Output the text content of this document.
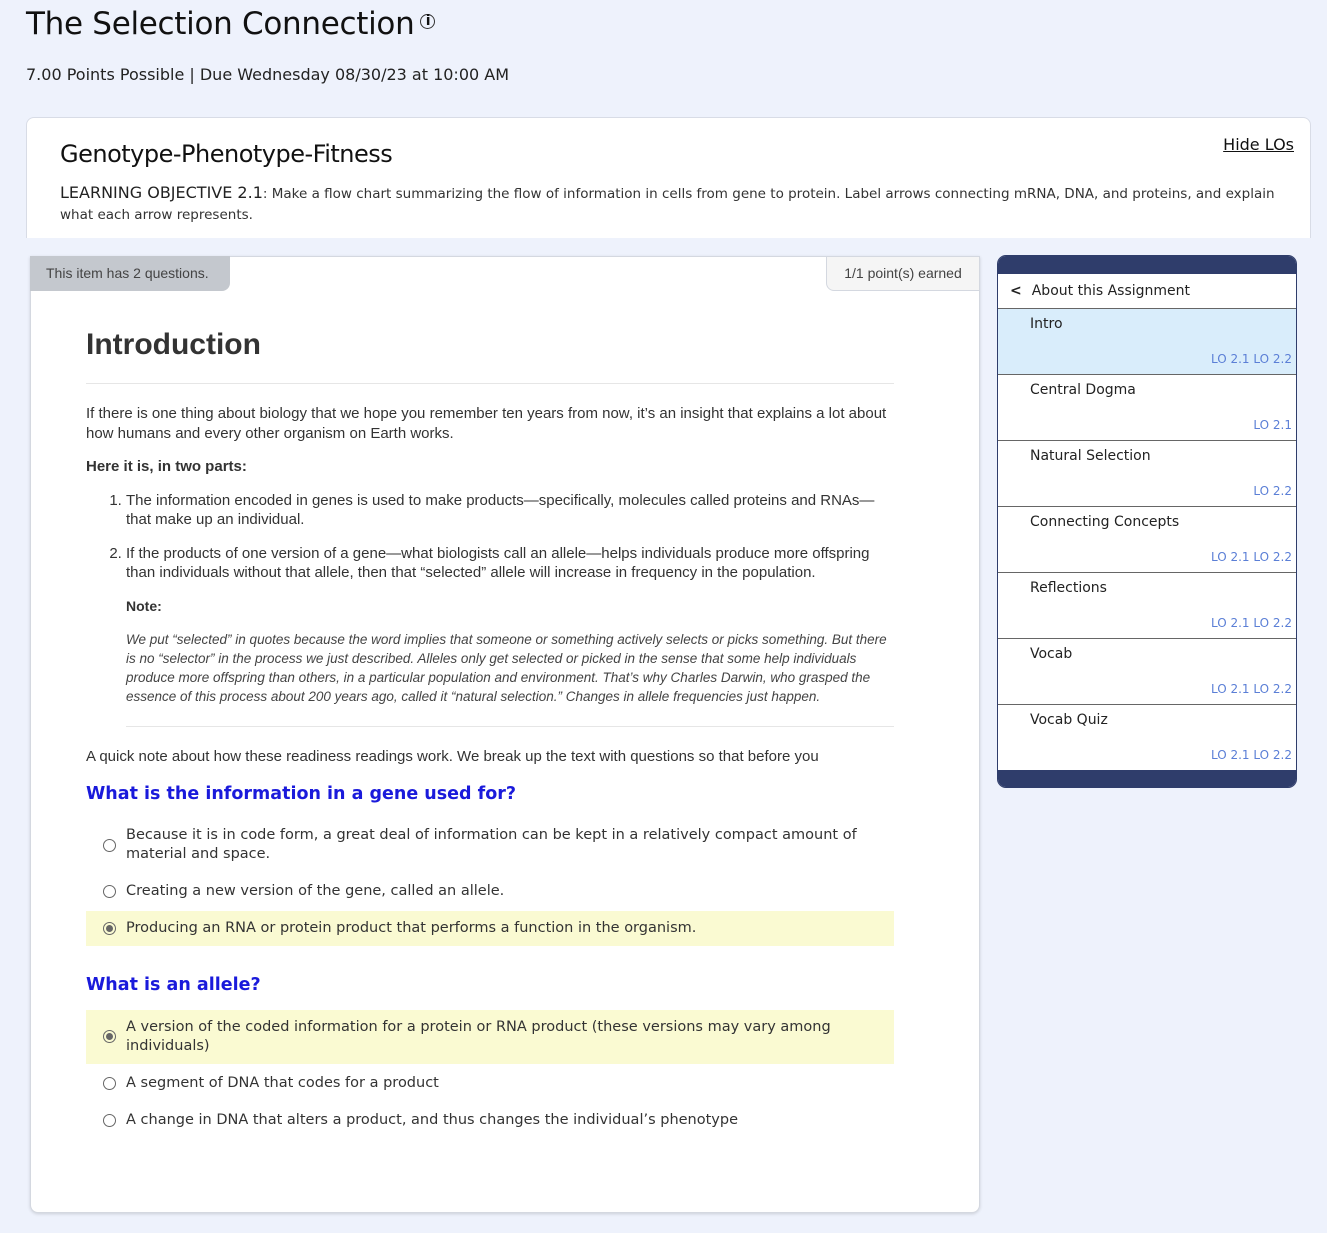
The Selection Connection i
7.00 Points Possible | Due Wednesday 08/30/23 at 10:00 AM
Genotype-Phenotype-Fitness	Hide LOs
LEARNING OBJECTIVE 2.1: Make a flow chart summarizing the flow of information in cells from gene to protein. Label arrows connecting mRNA, DNA, and proteins, and explain what each arrow represents.
This item has 2 questions.	1/1 point(s) earned
Introduction

If there is one thing about biology that we hope you remember ten years from now, it’s an insight that explains a lot about how humans and every other organism on Earth works.

Here it is, in two parts:

1. The information encoded in genes is used to make products—specifically, molecules called proteins and RNAs—that make up an individual.
2. If the products of one version of a gene—what biologists call an allele—helps individuals produce more offspring than individuals without that allele, then that “selected” allele will increase in frequency in the population.
Note:

We put “selected” in quotes because the word implies that someone or something actively selects or picks something. But there is no “selector” in the process we just described. Alleles only get selected or picked in the sense that some help individuals produce more offspring than others, in a particular population and environment. That’s why Charles Darwin, who grasped the essence of this process about 200 years ago, called it “natural selection.” Changes in allele frequencies just happen.

A quick note about how these readiness readings work. We break up the text with questions so that before you

What is the information in a gene used for?
Because it is in code form, a great deal of information can be kept in a relatively compact amount of material and space.
Creating a new version of the gene, called an allele.
Producing an RNA or protein product that performs a function in the organism.
What is an allele?
A version of the coded information for a protein or RNA product (these versions may vary among individuals)
A segment of DNA that codes for a product
A change in DNA that alters a product, and thus changes the individual’s phenotype
< About this Assignment
Intro
LO 2.1 LO 2.2
Central Dogma
LO 2.1
Natural Selection
LO 2.2
Connecting Concepts
LO 2.1 LO 2.2
Reflections
LO 2.1 LO 2.2
Vocab
LO 2.1 LO 2.2
Vocab Quiz
LO 2.1 LO 2.2
